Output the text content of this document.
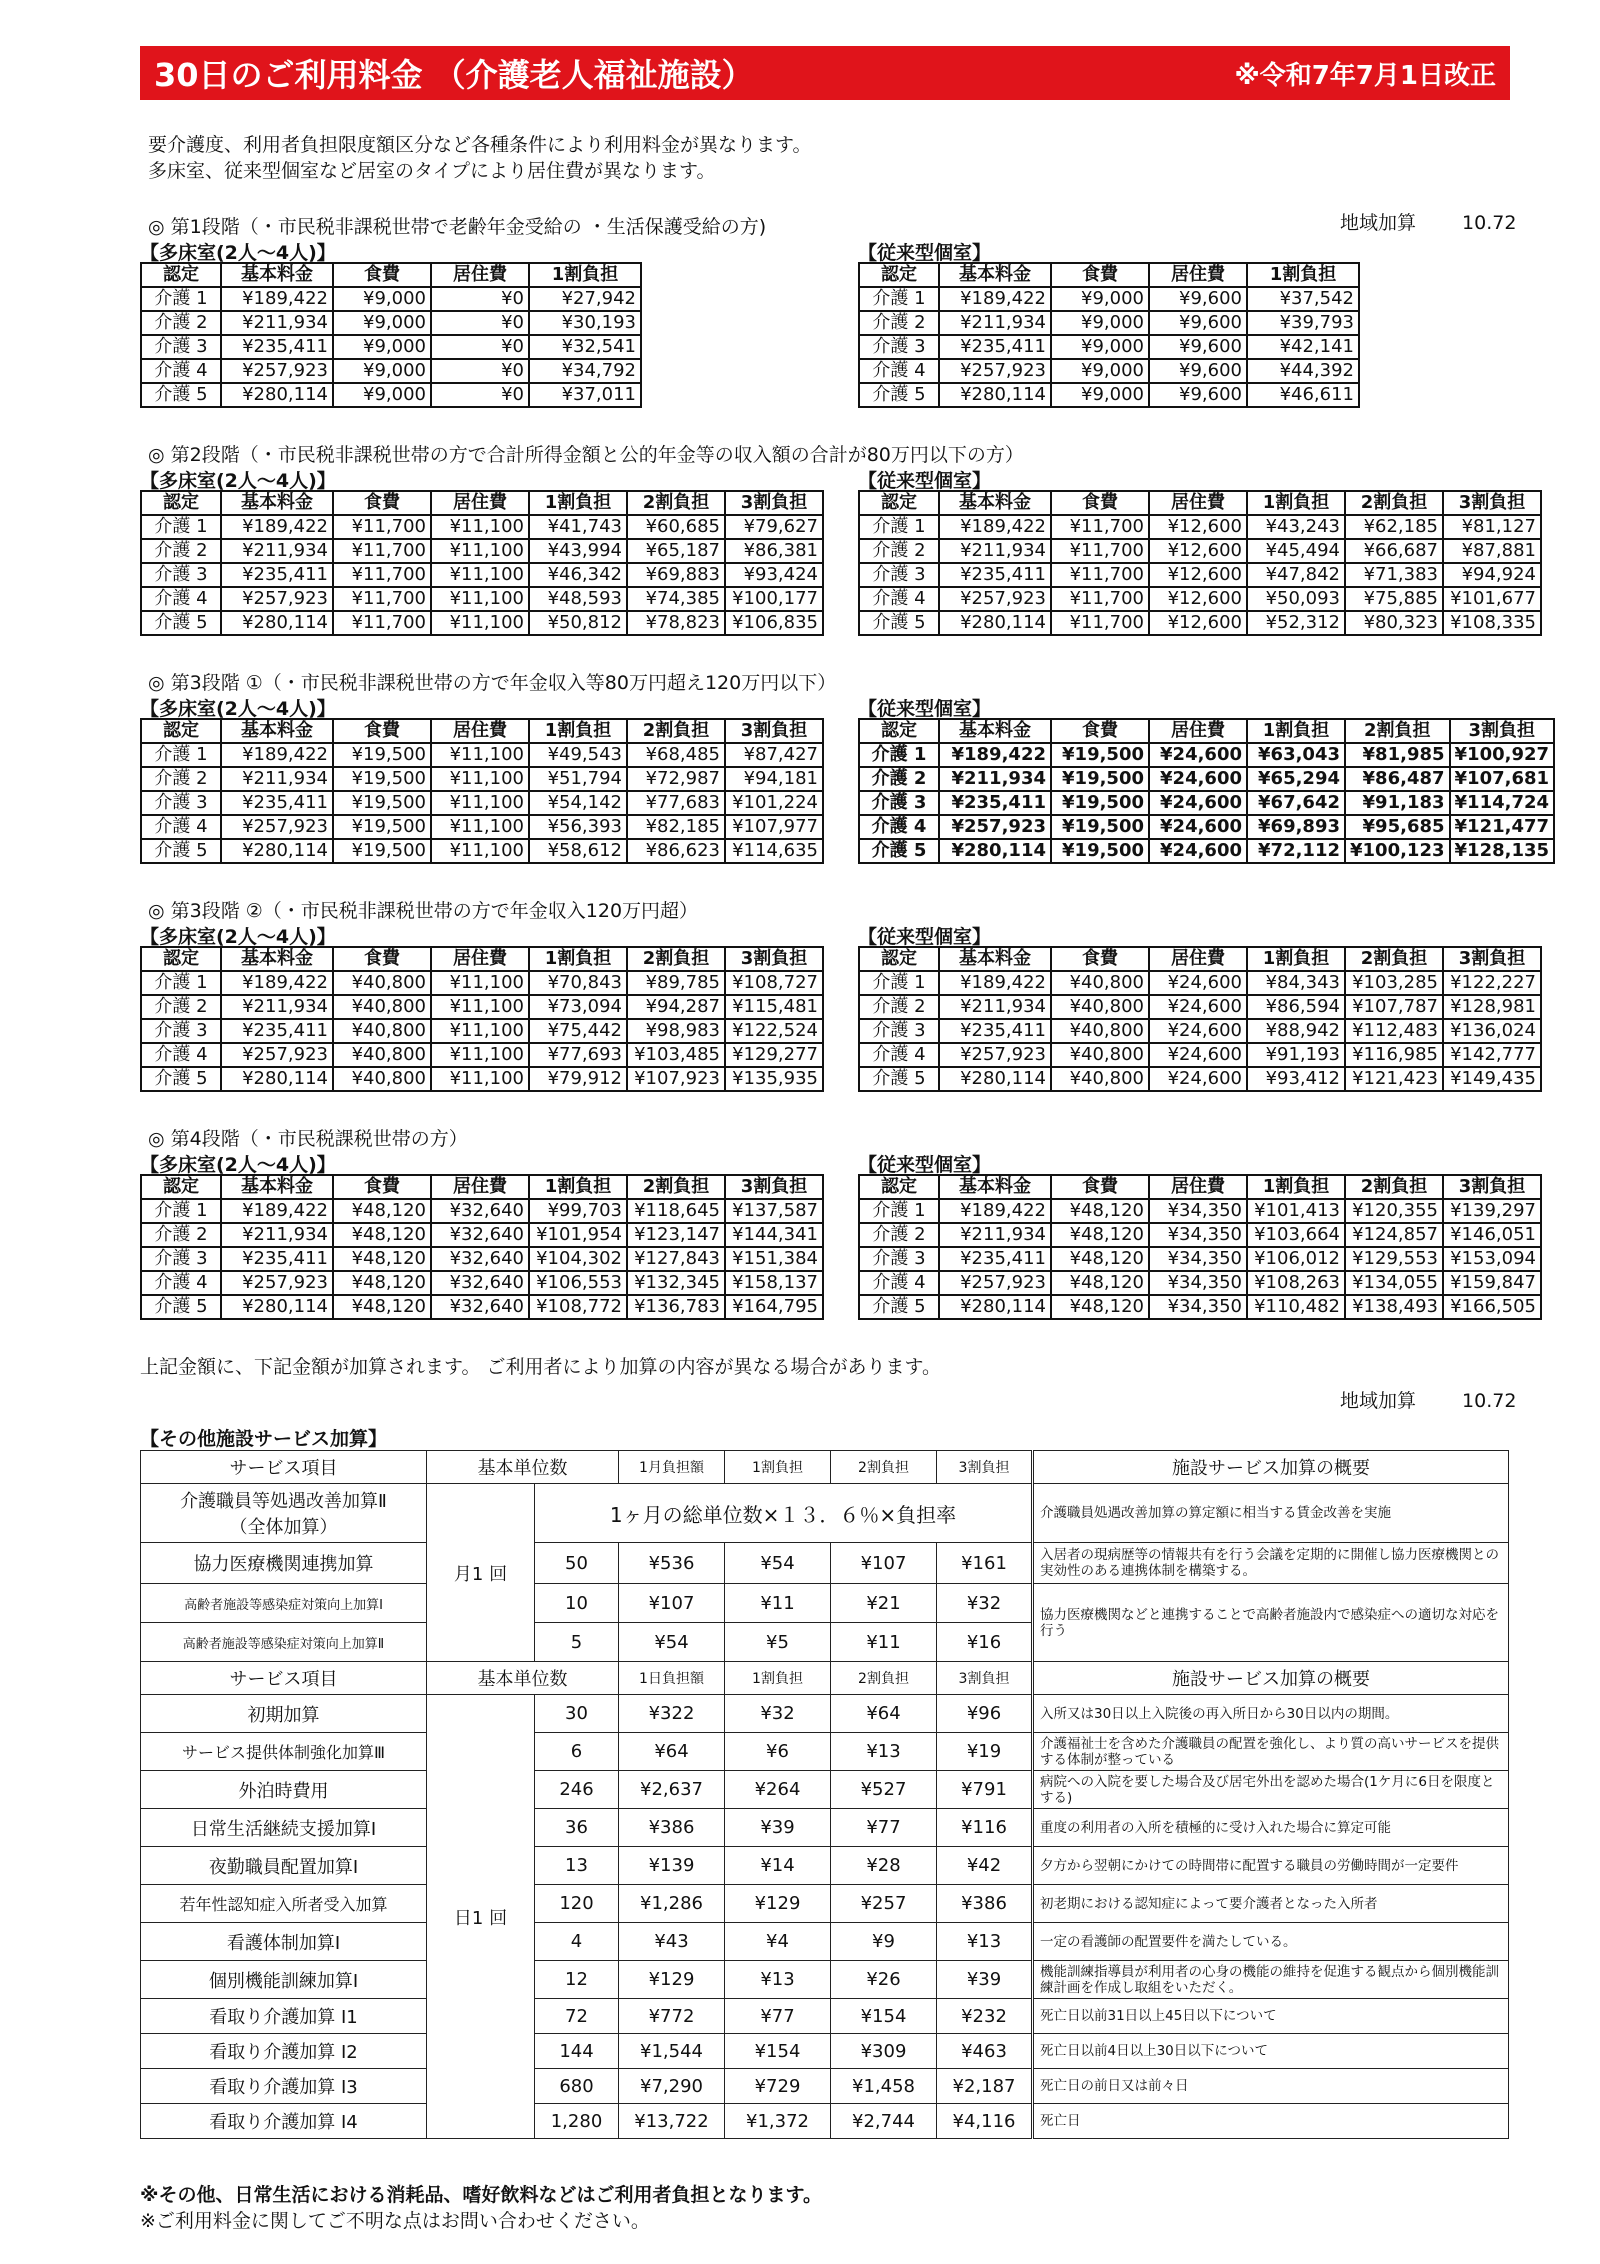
30日のご利用料金 （介護老人福祉施設）	※令和7年7月1日改正
要介護度、利用者負担限度額区分など各種条件により利用料金が異なります。
多床室、従来型個室など居室のタイプにより居住費が異なります。
地域加算 10.72
◎ 第1段階（・市民税非課税世帯で老齢年金受給の ・生活保護受給の方)
【多床室(2人～4人)】
認定	基本料金	食費	居住費	1割負担
介護 1	¥189,422	¥9,000	¥0	¥27,942
介護 2	¥211,934	¥9,000	¥0	¥30,193
介護 3	¥235,411	¥9,000	¥0	¥32,541
介護 4	¥257,923	¥9,000	¥0	¥34,792
介護 5	¥280,114	¥9,000	¥0	¥37,011
【従来型個室】
認定	基本料金	食費	居住費	1割負担
介護 1	¥189,422	¥9,000	¥9,600	¥37,542
介護 2	¥211,934	¥9,000	¥9,600	¥39,793
介護 3	¥235,411	¥9,000	¥9,600	¥42,141
介護 4	¥257,923	¥9,000	¥9,600	¥44,392
介護 5	¥280,114	¥9,000	¥9,600	¥46,611
◎ 第2段階（・市民税非課税世帯の方で合計所得金額と公的年金等の収入額の合計が80万円以下の方）
【多床室(2人～4人)】
認定	基本料金	食費	居住費	1割負担	2割負担	3割負担
介護 1	¥189,422	¥11,700	¥11,100	¥41,743	¥60,685	¥79,627
介護 2	¥211,934	¥11,700	¥11,100	¥43,994	¥65,187	¥86,381
介護 3	¥235,411	¥11,700	¥11,100	¥46,342	¥69,883	¥93,424
介護 4	¥257,923	¥11,700	¥11,100	¥48,593	¥74,385	¥100,177
介護 5	¥280,114	¥11,700	¥11,100	¥50,812	¥78,823	¥106,835
【従来型個室】
認定	基本料金	食費	居住費	1割負担	2割負担	3割負担
介護 1	¥189,422	¥11,700	¥12,600	¥43,243	¥62,185	¥81,127
介護 2	¥211,934	¥11,700	¥12,600	¥45,494	¥66,687	¥87,881
介護 3	¥235,411	¥11,700	¥12,600	¥47,842	¥71,383	¥94,924
介護 4	¥257,923	¥11,700	¥12,600	¥50,093	¥75,885	¥101,677
介護 5	¥280,114	¥11,700	¥12,600	¥52,312	¥80,323	¥108,335
◎ 第3段階 ①（・市民税非課税世帯の方で年金収入等80万円超え120万円以下）
【多床室(2人～4人)】
認定	基本料金	食費	居住費	1割負担	2割負担	3割負担
介護 1	¥189,422	¥19,500	¥11,100	¥49,543	¥68,485	¥87,427
介護 2	¥211,934	¥19,500	¥11,100	¥51,794	¥72,987	¥94,181
介護 3	¥235,411	¥19,500	¥11,100	¥54,142	¥77,683	¥101,224
介護 4	¥257,923	¥19,500	¥11,100	¥56,393	¥82,185	¥107,977
介護 5	¥280,114	¥19,500	¥11,100	¥58,612	¥86,623	¥114,635
【従来型個室】
認定	基本料金	食費	居住費	1割負担	2割負担	3割負担
介護 1	¥189,422	¥19,500	¥24,600	¥63,043	¥81,985	¥100,927
介護 2	¥211,934	¥19,500	¥24,600	¥65,294	¥86,487	¥107,681
介護 3	¥235,411	¥19,500	¥24,600	¥67,642	¥91,183	¥114,724
介護 4	¥257,923	¥19,500	¥24,600	¥69,893	¥95,685	¥121,477
介護 5	¥280,114	¥19,500	¥24,600	¥72,112	¥100,123	¥128,135
◎ 第3段階 ②（・市民税非課税世帯の方で年金収入120万円超）
【多床室(2人～4人)】
認定	基本料金	食費	居住費	1割負担	2割負担	3割負担
介護 1	¥189,422	¥40,800	¥11,100	¥70,843	¥89,785	¥108,727
介護 2	¥211,934	¥40,800	¥11,100	¥73,094	¥94,287	¥115,481
介護 3	¥235,411	¥40,800	¥11,100	¥75,442	¥98,983	¥122,524
介護 4	¥257,923	¥40,800	¥11,100	¥77,693	¥103,485	¥129,277
介護 5	¥280,114	¥40,800	¥11,100	¥79,912	¥107,923	¥135,935
【従来型個室】
認定	基本料金	食費	居住費	1割負担	2割負担	3割負担
介護 1	¥189,422	¥40,800	¥24,600	¥84,343	¥103,285	¥122,227
介護 2	¥211,934	¥40,800	¥24,600	¥86,594	¥107,787	¥128,981
介護 3	¥235,411	¥40,800	¥24,600	¥88,942	¥112,483	¥136,024
介護 4	¥257,923	¥40,800	¥24,600	¥91,193	¥116,985	¥142,777
介護 5	¥280,114	¥40,800	¥24,600	¥93,412	¥121,423	¥149,435
◎ 第4段階（・市民税課税世帯の方）
【多床室(2人～4人)】
認定	基本料金	食費	居住費	1割負担	2割負担	3割負担
介護 1	¥189,422	¥48,120	¥32,640	¥99,703	¥118,645	¥137,587
介護 2	¥211,934	¥48,120	¥32,640	¥101,954	¥123,147	¥144,341
介護 3	¥235,411	¥48,120	¥32,640	¥104,302	¥127,843	¥151,384
介護 4	¥257,923	¥48,120	¥32,640	¥106,553	¥132,345	¥158,137
介護 5	¥280,114	¥48,120	¥32,640	¥108,772	¥136,783	¥164,795
【従来型個室】
認定	基本料金	食費	居住費	1割負担	2割負担	3割負担
介護 1	¥189,422	¥48,120	¥34,350	¥101,413	¥120,355	¥139,297
介護 2	¥211,934	¥48,120	¥34,350	¥103,664	¥124,857	¥146,051
介護 3	¥235,411	¥48,120	¥34,350	¥106,012	¥129,553	¥153,094
介護 4	¥257,923	¥48,120	¥34,350	¥108,263	¥134,055	¥159,847
介護 5	¥280,114	¥48,120	¥34,350	¥110,482	¥138,493	¥166,505
上記金額に、下記金額が加算されます。 ご利用者により加算の内容が異なる場合があります。
地域加算 10.72
【その他施設サービス加算】
サービス項目	基本単位数		1月負担額	1割負担	2割負担	3割負担	施設サービス加算の概要

介護職員等処遇改善加算Ⅱ
（全体加算）	月1 回	1ヶ月の総単位数×１３．６％×負担率					介護職員処遇改善加算の算定額に相当する賃金改善を実施
協力医療機関連携加算		50	¥536	¥54	¥107	¥161	入居者の現病歴等の情報共有を行う会議を定期的に開催し協力医療機関との実効性のある連携体制を構築する。
高齢者施設等感染症対策向上加算Ⅰ		10	¥107	¥11	¥21	¥32	協力医療機関などと連携することで高齢者施設内で感染症への適切な対応を行う
高齢者施設等感染症対策向上加算Ⅱ		5	¥54	¥5	¥11	¥16	
サービス項目	基本単位数		1日負担額	1割負担	2割負担	3割負担	施設サービス加算の概要
初期加算	日1 回	30	¥322	¥32	¥64	¥96	入所又は30日以上入院後の再入所日から30日以内の期間。
サービス提供体制強化加算Ⅲ		6	¥64	¥6	¥13	¥19	介護福祉士を含めた介護職員の配置を強化し、より質の高いサービスを提供する体制が整っている
外泊時費用		246	¥2,637	¥264	¥527	¥791	病院への入院を要した場合及び居宅外出を認めた場合(1ケ月に6日を限度とする)
日常生活継続支援加算Ⅰ		36	¥386	¥39	¥77	¥116	重度の利用者の入所を積極的に受け入れた場合に算定可能
夜勤職員配置加算Ⅰ		13	¥139	¥14	¥28	¥42	夕方から翌朝にかけての時間帯に配置する職員の労働時間が一定要件
若年性認知症入所者受入加算		120	¥1,286	¥129	¥257	¥386	初老期における認知症によって要介護者となった入所者
看護体制加算Ⅰ		4	¥43	¥4	¥9	¥13	一定の看護師の配置要件を満たしている。
個別機能訓練加算Ⅰ		12	¥129	¥13	¥26	¥39	機能訓練指導員が利用者の心身の機能の維持を促進する観点から個別機能訓練計画を作成し取組をいただく。
看取り介護加算 Ⅰ1		72	¥772	¥77	¥154	¥232	死亡日以前31日以上45日以下について
看取り介護加算 Ⅰ2		144	¥1,544	¥154	¥309	¥463	死亡日以前4日以上30日以下について
看取り介護加算 Ⅰ3		680	¥7,290	¥729	¥1,458	¥2,187	死亡日の前日又は前々日
看取り介護加算 Ⅰ4		1,280	¥13,722	¥1,372	¥2,744	¥4,116	死亡日
※その他、日常生活における消耗品、嗜好飲料などはご利用者負担となります。
※ご利用料金に関してご不明な点はお問い合わせください。
